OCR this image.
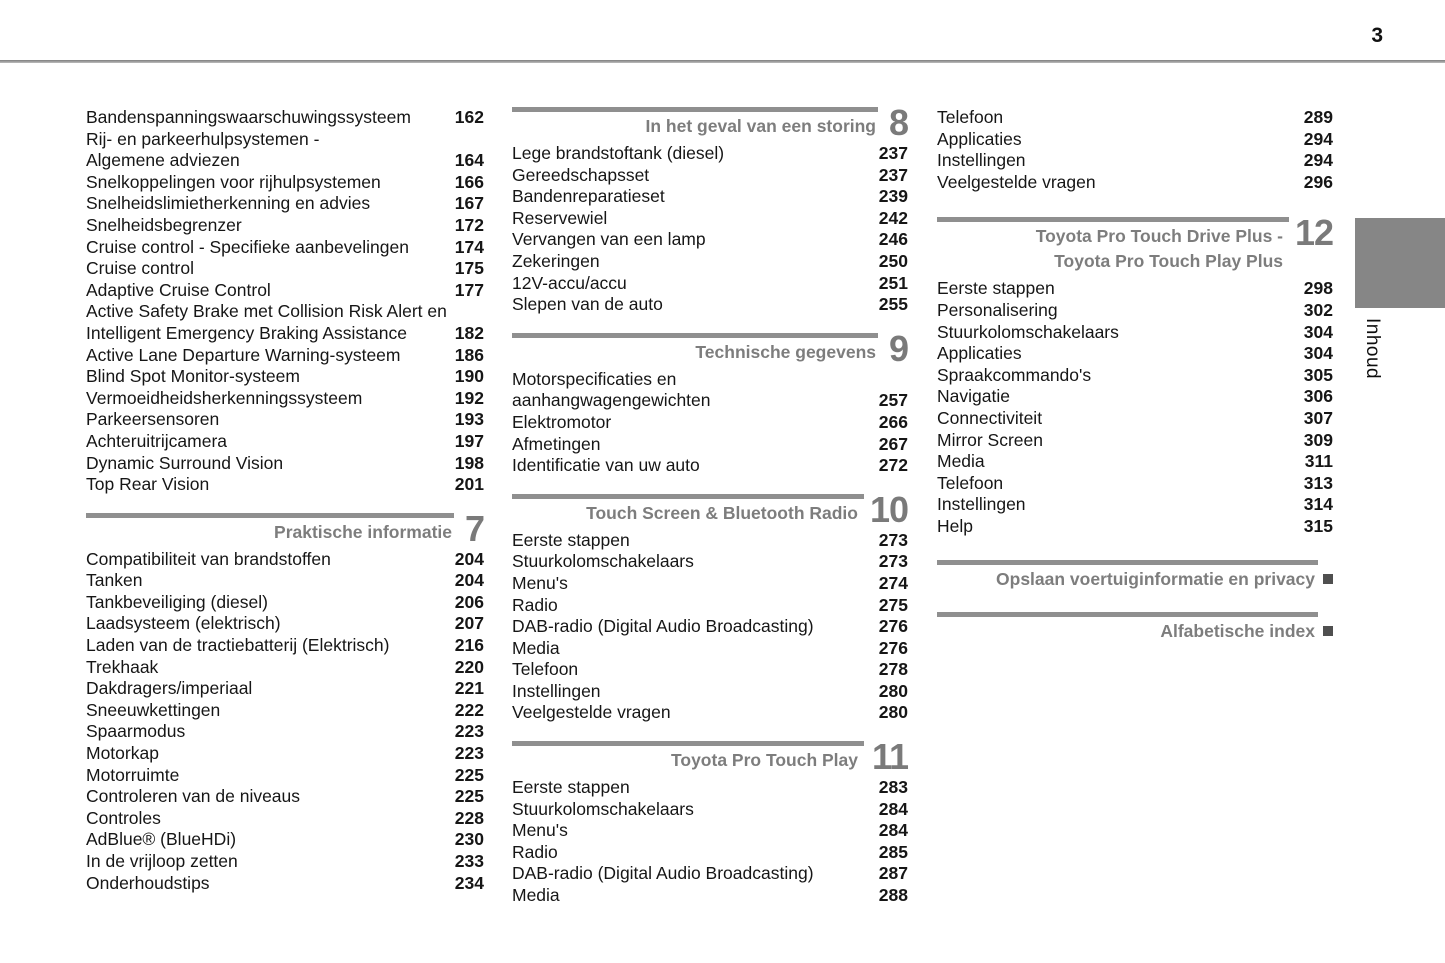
3
Bandenspanningswaarschuwingssysteem	162
Rij- en parkeerhulpsystemen -
Algemene adviezen	164
Snelkoppelingen voor rijhulpsystemen	166
Snelheidslimietherkenning en advies	167
Snelheidsbegrenzer	172
Cruise control - Specifieke aanbevelingen	174
Cruise control	175
Adaptive Cruise Control	177
Active Safety Brake met Collision Risk Alert en
Intelligent Emergency Braking Assistance	182
Active Lane Departure Warning-systeem	186
Blind Spot Monitor-systeem	190
Vermoeidheidsherkenningssysteem	192
Parkeersensoren	193
Achteruitrijcamera	197
Dynamic Surround Vision	198
Top Rear Vision	201
7
Praktische informatie
Compatibiliteit van brandstoffen	204
Tanken	204
Tankbeveiliging (diesel)	206
Laadsysteem (elektrisch)	207
Laden van de tractiebatterij (Elektrisch)	216
Trekhaak	220
Dakdragers/imperiaal	221
Sneeuwkettingen	222
Spaarmodus	223
Motorkap	223
Motorruimte	225
Controleren van de niveaus	225
Controles	228
AdBlue® (BlueHDi)	230
In de vrijloop zetten	233
Onderhoudstips	234
8
In het geval van een storing
Lege brandstoftank (diesel)	237
Gereedschapsset	237
Bandenreparatieset	239
Reservewiel	242
Vervangen van een lamp	246
Zekeringen	250
12V-accu/accu	251
Slepen van de auto	255
9
Technische gegevens
Motorspecificaties en
aanhangwagengewichten	257
Elektromotor	266
Afmetingen	267
Identificatie van uw auto	272
10
Touch Screen & Bluetooth Radio
Eerste stappen	273
Stuurkolomschakelaars	273
Menu's	274
Radio	275
DAB-radio (Digital Audio Broadcasting)	276
Media	276
Telefoon	278
Instellingen	280
Veelgestelde vragen	280
11
Toyota Pro Touch Play
Eerste stappen	283
Stuurkolomschakelaars	284
Menu's	284
Radio	285
DAB-radio (Digital Audio Broadcasting)	287
Media	288
Telefoon	289
Applicaties	294
Instellingen	294
Veelgestelde vragen	296
12
Toyota Pro Touch Drive Plus -
Toyota Pro Touch Play Plus
Eerste stappen	298
Personalisering	302
Stuurkolomschakelaars	304
Applicaties	304
Spraakcommando's	305
Navigatie	306
Connectiviteit	307
Mirror Screen	309
Media	311
Telefoon	313
Instellingen	314
Help	315
Opslaan voertuiginformatie en privacy
Alfabetische index
Inhoud
